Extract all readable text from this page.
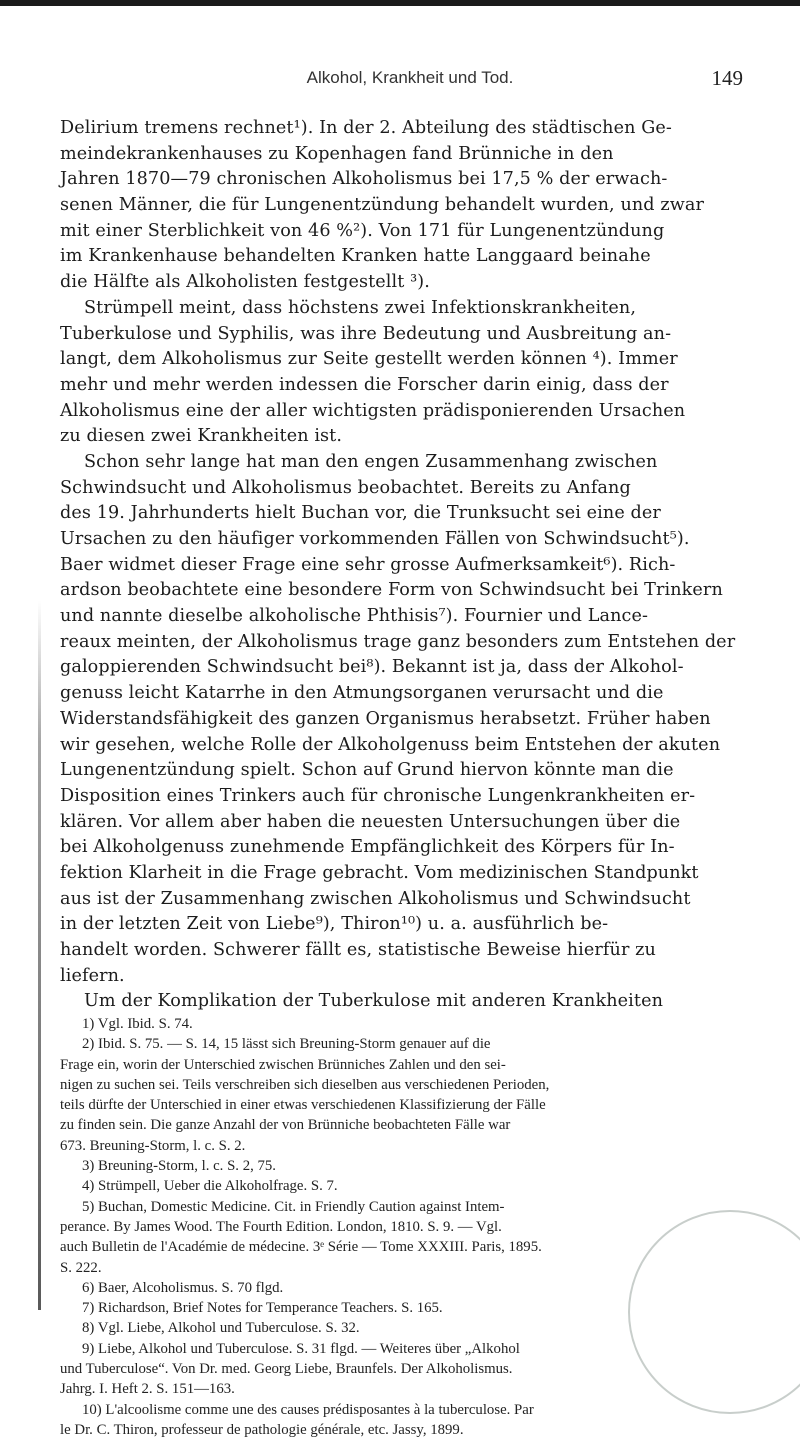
Alkohol, Krankheit und Tod.	149
Delirium tremens rechnet¹). In der 2. Abteilung des städtischen Ge-
meindekrankenhauses zu Kopenhagen fand Brünniche in den
Jahren 1870—79 chronischen Alkoholismus bei 17,5 % der erwach-
senen Männer, die für Lungenentzündung behandelt wurden, und zwar
mit einer Sterblichkeit von 46 %²). Von 171 für Lungenentzündung
im Krankenhause behandelten Kranken hatte Langgaard beinahe
die Hälfte als Alkoholisten festgestellt ³).
Strümpell meint, dass höchstens zwei Infektionskrankheiten,
Tuberkulose und Syphilis, was ihre Bedeutung und Ausbreitung an-
langt, dem Alkoholismus zur Seite gestellt werden können ⁴). Immer
mehr und mehr werden indessen die Forscher darin einig, dass der
Alkoholismus eine der aller wichtigsten prädisponierenden Ursachen
zu diesen zwei Krankheiten ist.
Schon sehr lange hat man den engen Zusammenhang zwischen
Schwindsucht und Alkoholismus beobachtet. Bereits zu Anfang
des 19. Jahrhunderts hielt Buchan vor, die Trunksucht sei eine der
Ursachen zu den häufiger vorkommenden Fällen von Schwindsucht⁵).
Baer widmet dieser Frage eine sehr grosse Aufmerksamkeit⁶). Rich-
ardson beobachtete eine besondere Form von Schwindsucht bei Trinkern
und nannte dieselbe alkoholische Phthisis⁷). Fournier und Lance-
reaux meinten, der Alkoholismus trage ganz besonders zum Entstehen der
galoppierenden Schwindsucht bei⁸). Bekannt ist ja, dass der Alkohol-
genuss leicht Katarrhe in den Atmungsorganen verursacht und die
Widerstandsfähigkeit des ganzen Organismus herabsetzt. Früher haben
wir gesehen, welche Rolle der Alkoholgenuss beim Entstehen der akuten
Lungenentzündung spielt. Schon auf Grund hiervon könnte man die
Disposition eines Trinkers auch für chronische Lungenkrankheiten er-
klären. Vor allem aber haben die neuesten Untersuchungen über die
bei Alkoholgenuss zunehmende Empfänglichkeit des Körpers für In-
fektion Klarheit in die Frage gebracht. Vom medizinischen Standpunkt
aus ist der Zusammenhang zwischen Alkoholismus und Schwindsucht
in der letzten Zeit von Liebe⁹), Thiron¹⁰) u. a. ausführlich be-
handelt worden. Schwerer fällt es, statistische Beweise hierfür zu
liefern.
Um der Komplikation der Tuberkulose mit anderen Krankheiten
1) Vgl. Ibid. S. 74.
2) Ibid. S. 75. — S. 14, 15 lässt sich Breuning-Storm genauer auf die
Frage ein, worin der Unterschied zwischen Brünniches Zahlen und den sei-
nigen zu suchen sei. Teils verschreiben sich dieselben aus verschiedenen Perioden,
teils dürfte der Unterschied in einer etwas verschiedenen Klassifizierung der Fälle
zu finden sein. Die ganze Anzahl der von Brünniche beobachteten Fälle war
673. Breuning-Storm, l. c. S. 2.
3) Breuning-Storm, l. c. S. 2, 75.
4) Strümpell, Ueber die Alkoholfrage. S. 7.
5) Buchan, Domestic Medicine. Cit. in Friendly Caution against Intem-
perance. By James Wood. The Fourth Edition. London, 1810. S. 9. — Vgl.
auch Bulletin de l'Académie de médecine. 3ᵉ Série — Tome XXXIII. Paris, 1895.
S. 222.
6) Baer, Alcoholismus. S. 70 flgd.
7) Richardson, Brief Notes for Temperance Teachers. S. 165.
8) Vgl. Liebe, Alkohol und Tuberculose. S. 32.
9) Liebe, Alkohol und Tuberculose. S. 31 flgd. — Weiteres über „Alkohol
und Tuberculose“. Von Dr. med. Georg Liebe, Braunfels. Der Alkoholismus.
Jahrg. I. Heft 2. S. 151—163.
10) L'alcoolisme comme une des causes prédisposantes à la tuberculose. Par
le Dr. C. Thiron, professeur de pathologie générale, etc. Jassy, 1899.
